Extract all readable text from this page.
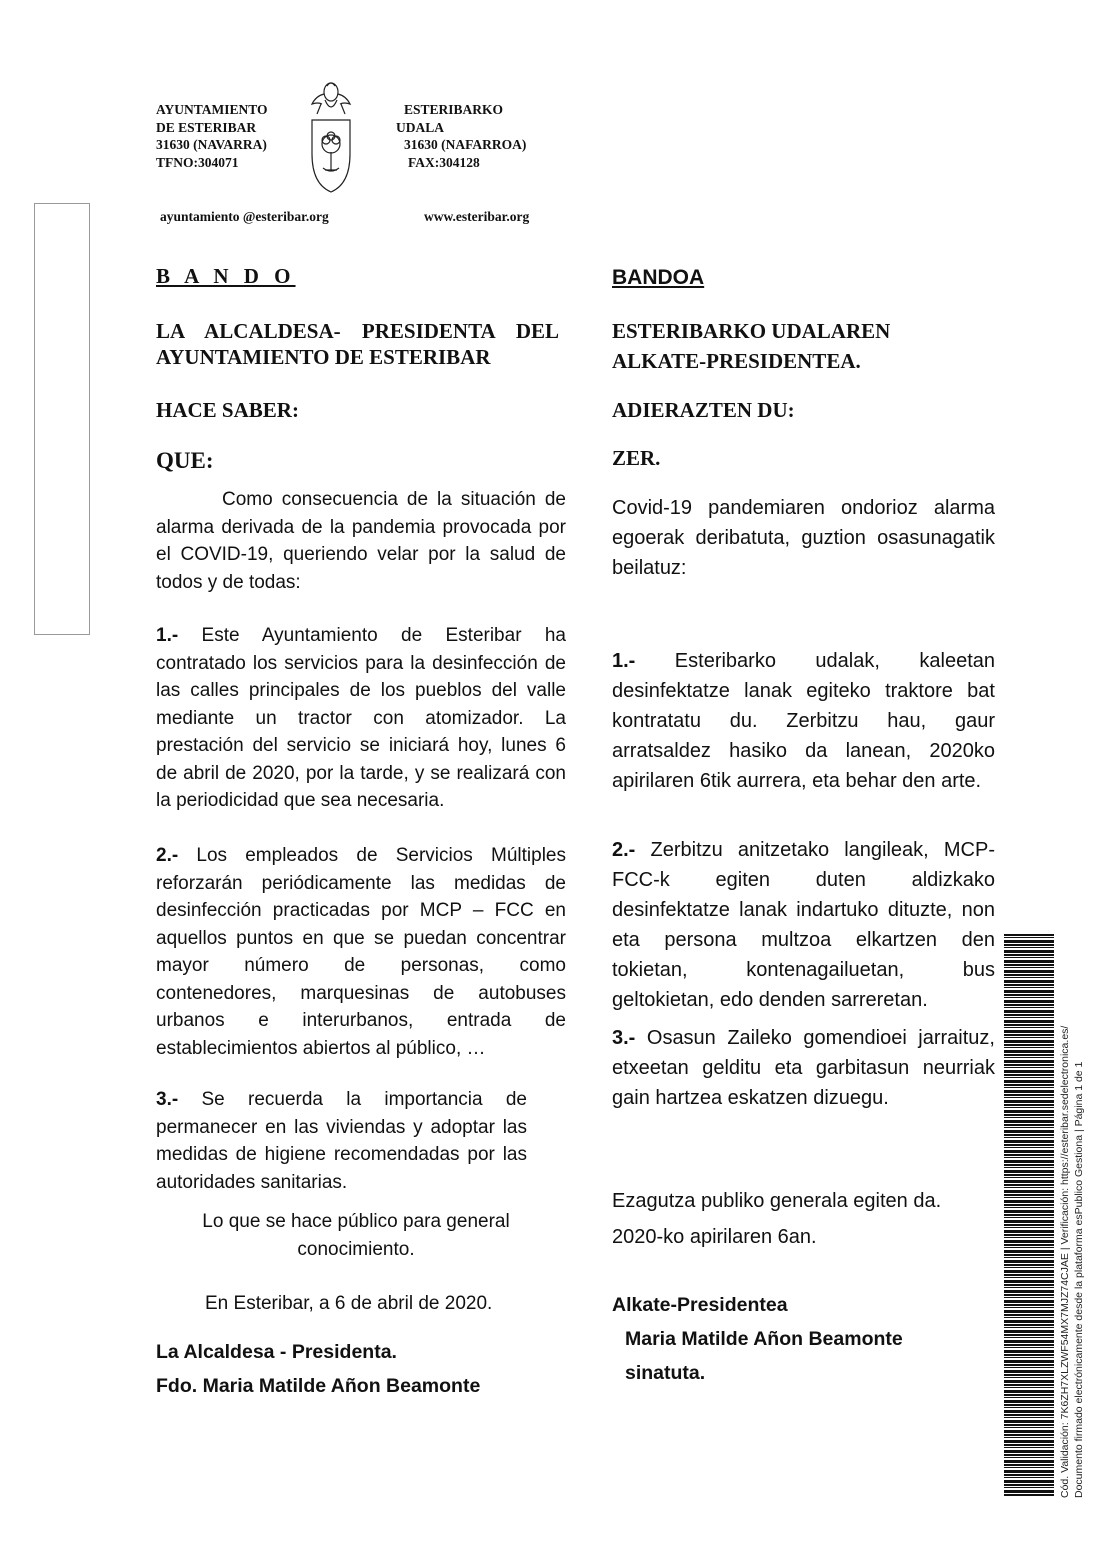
AYUNTAMIENTO
DE ESTERIBAR
31630 (NAVARRA)
TFNO:304071
ESTERIBARKO
UDALA
31630 (NAFARROA)
FAX:304128
ayuntamiento @esteribar.org	www.esteribar.org
B A N D O
LA ALCALDESA- PRESIDENTA DEL
AYUNTAMIENTO DE ESTERIBAR
HACE SABER:
QUE:
Como consecuencia de la situación de alarma derivada de la pandemia provocada por el COVID-19, queriendo velar por la salud de todos y de todas:
1.- Este Ayuntamiento de Esteribar ha contratado los servicios para la desinfección de las calles principales de los pueblos del valle mediante un tractor con atomizador. La prestación del servicio se iniciará hoy, lunes 6 de abril de 2020, por la tarde, y se realizará con la periodicidad que sea necesaria.
2.- Los empleados de Servicios Múltiples reforzarán periódicamente las medidas de desinfección practicadas por MCP – FCC en aquellos puntos en que se puedan concentrar mayor número de personas, como contenedores, marquesinas de autobuses urbanos e interurbanos, entrada de establecimientos abiertos al público, …
3.- Se recuerda la importancia de permanecer en las viviendas y adoptar las medidas de higiene recomendadas por las autoridades sanitarias.
Lo que se hace público para general conocimiento.
En Esteribar, a 6 de abril de 2020.
La Alcaldesa - Presidenta.
Fdo. Maria Matilde Añon Beamonte
BANDOA
ESTERIBARKO UDALAREN
ALKATE-PRESIDENTEA.
ADIERAZTEN DU:
ZER.
Covid-19 pandemiaren ondorioz alarma egoerak deribatuta, guztion osasunagatik beilatuz:
1.- Esteribarko udalak, kaleetan desinfektatze lanak egiteko traktore bat kontratatu du. Zerbitzu hau, gaur arratsaldez hasiko da lanean, 2020ko apirilaren 6tik aurrera, eta behar den arte.
2.- Zerbitzu anitzetako langileak, MCP-FCC-k egiten duten aldizkako desinfektatze lanak indartuko dituzte, non eta persona multzoa elkartzen den tokietan, kontenagailuetan, bus geltokietan, edo denden sarreretan.
3.- Osasun Zaileko gomendioei jarraituz, etxeetan gelditu eta garbitasun neurriak gain hartzea eskatzen dizuegu.
Ezagutza publiko generala egiten da.
2020-ko apirilaren 6an.
Alkate-Presidentea
Maria Matilde Añon Beamonte
sinatuta.	Cód. Validación: 7K6ZH7XLZWF54MX7MJZ74CJAE | Verificación: https://esteribar.sedelectronica.es/ Documento firmado electrónicamente desde la plataforma esPublico Gestiona | Página 1 de 1
